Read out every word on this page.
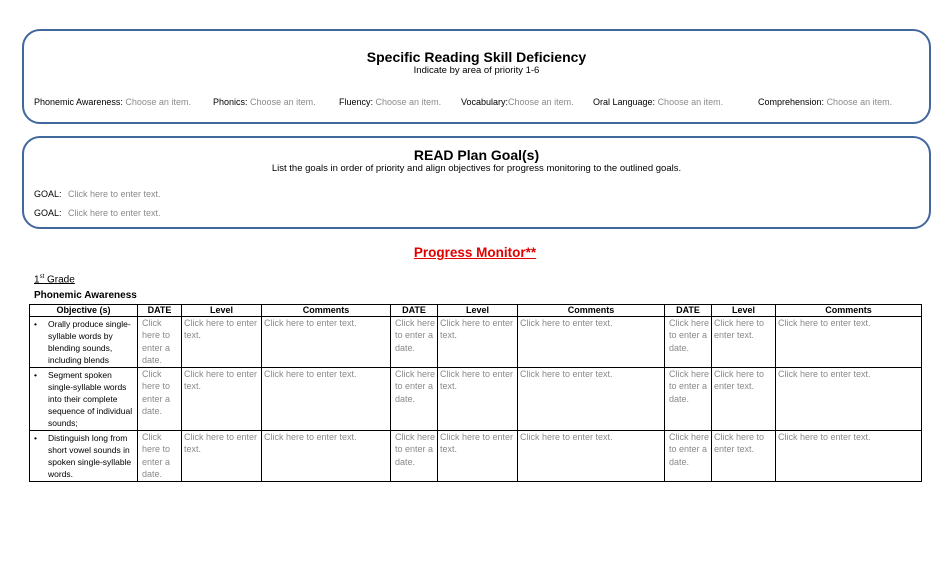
Specific Reading Skill Deficiency
Indicate by area of priority 1-6
Phonemic Awareness: Choose an item. Phonics: Choose an item.	Fluency: Choose an item. Vocabulary:Choose an item. Oral Language: Choose an item.	Comprehension: Choose an item.
READ Plan Goal(s)
List the goals in order of priority and align objectives for progress monitoring to the outlined goals.
GOAL: Click here to enter text.
GOAL: Click here to enter text.
Progress Monitor**
1st Grade
Phonemic Awareness
Objective (s)	DATE	Level	Comments	DATE	Level	Comments	DATE	Level	Comments
• Orally produce single-syllable words by blending sounds, including blends	Click here to enter a date.	Click here to enter text.	Click here to enter text.	Click here to enter a date.	Click here to enter text.	Click here to enter text.	Click here to enter a date.	Click here to enter text.	Click here to enter text.
• Segment spoken single-syllable words into their complete sequence of individual sounds;	Click here to enter a date.	Click here to enter text.	Click here to enter text.	Click here to enter a date.	Click here to enter text.	Click here to enter text.	Click here to enter a date.	Click here to enter text.	Click here to enter text.
• Distinguish long from short vowel sounds in spoken single-syllable words.	Click here to enter a date.	Click here to enter text.	Click here to enter text.	Click here to enter a date.	Click here to enter text.	Click here to enter text.	Click here to enter a date.	Click here to enter text.	Click here to enter text.
